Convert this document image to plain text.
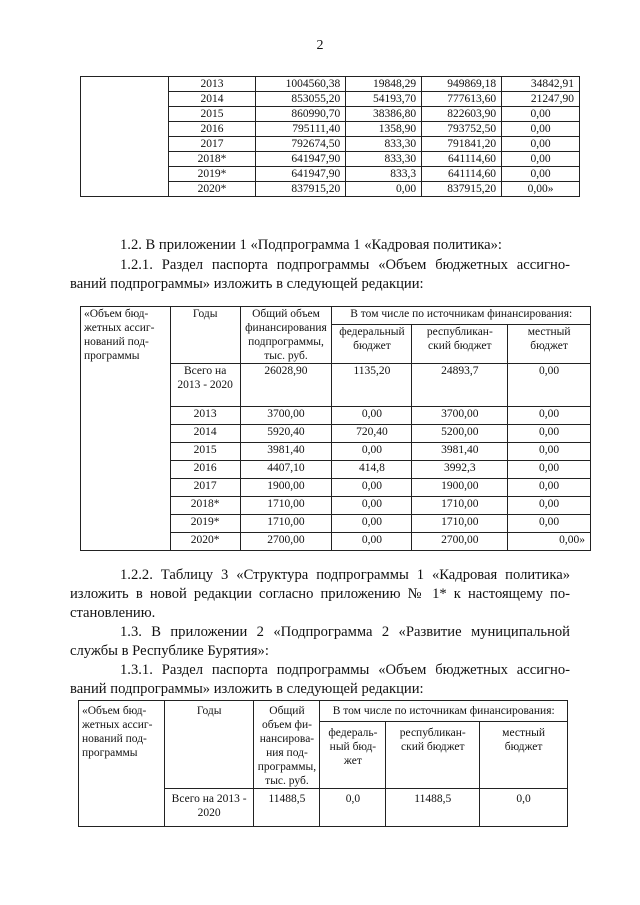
2
	2013	1004560,38	19848,29	949869,18	34842,91
	2014	853055,20	54193,70	777613,60	21247,90
	2015	860990,70	38386,80	822603,90	0,00
	2016	795111,40	1358,90	793752,50	0,00
	2017	792674,50	833,30	791841,20	0,00
	2018*	641947,90	833,30	641114,60	0,00
	2019*	641947,90	833,3	641114,60	0,00
	2020*	837915,20	0,00	837915,20	0,00»

1.2. В приложении 1 «Подпрограмма 1 «Кадровая политика»:

1.2.1. Раздел паспорта подпрограммы «Объем бюджетных ассигно-

ваний подпрограммы» изложить в следующей редакции:

«Объем бюд-жетных ассиг-нований под-программы	Годы	Общий объем финансирования подпрограммы, тыс. руб.	В том числе по источникам финансирования:		
			федеральный бюджет	республикан-ский бюджет	местный бюджет
	Всего на 2013 - 2020	26028,90	1135,20	24893,7	0,00
	2013	3700,00	0,00	3700,00	0,00
	2014	5920,40	720,40	5200,00	0,00
	2015	3981,40	0,00	3981,40	0,00
	2016	4407,10	414,8	3992,3	0,00
	2017	1900,00	0,00	1900,00	0,00
	2018*	1710,00	0,00	1710,00	0,00
	2019*	1710,00	0,00	1710,00	0,00
	2020*	2700,00	0,00	2700,00	0,00»

1.2.2. Таблицу 3 «Структура подпрограммы 1 «Кадровая политика»

изложить в новой редакции согласно приложению № 1* к настоящему по-

становлению.

1.3. В приложении 2 «Подпрограмма 2 «Развитие муниципальной

службы в Республике Бурятия»:

1.3.1. Раздел паспорта подпрограммы «Объем бюджетных ассигно-

ваний подпрограммы» изложить в следующей редакции:

«Объем бюд-жетных ассиг-нований под-программы	Годы	Общий объем фи-нансирова-ния под-программы, тыс. руб.	В том числе по источникам финансирования:		
			федераль-ный бюд-жет	республикан-ский бюджет	местный бюджет
	Всего на 2013 - 2020	11488,5	0,0	11488,5	0,0
